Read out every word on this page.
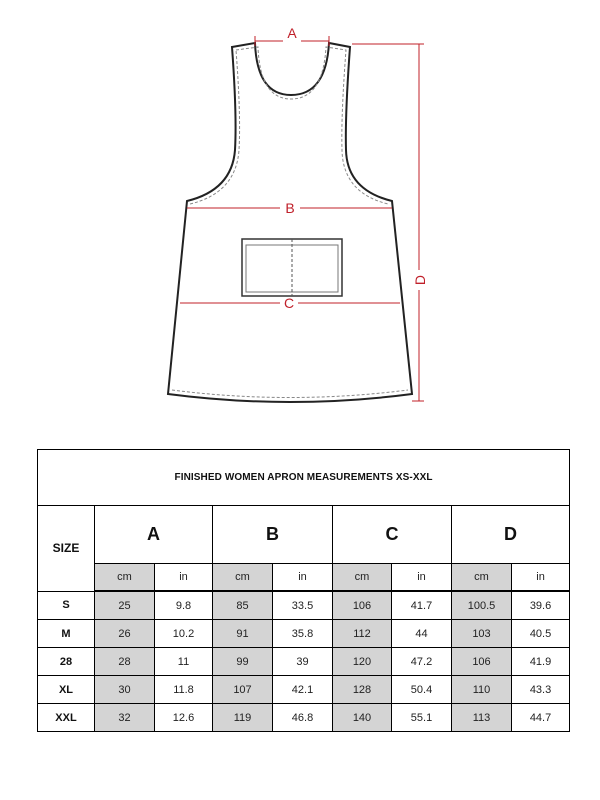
A
B
C
D
FINISHED WOMEN APRON MEASUREMENTS XS-XXL								
SIZE	A		B		C		D	
	cm	in	cm	in	cm	in	cm	in
S	25	9.8	85	33.5	106	41.7	100.5	39.6
M	26	10.2	91	35.8	112	44	103	40.5
28	28	11	99	39	120	47.2	106	41.9
XL	30	11.8	107	42.1	128	50.4	110	43.3
XXL	32	12.6	119	46.8	140	55.1	113	44.7
